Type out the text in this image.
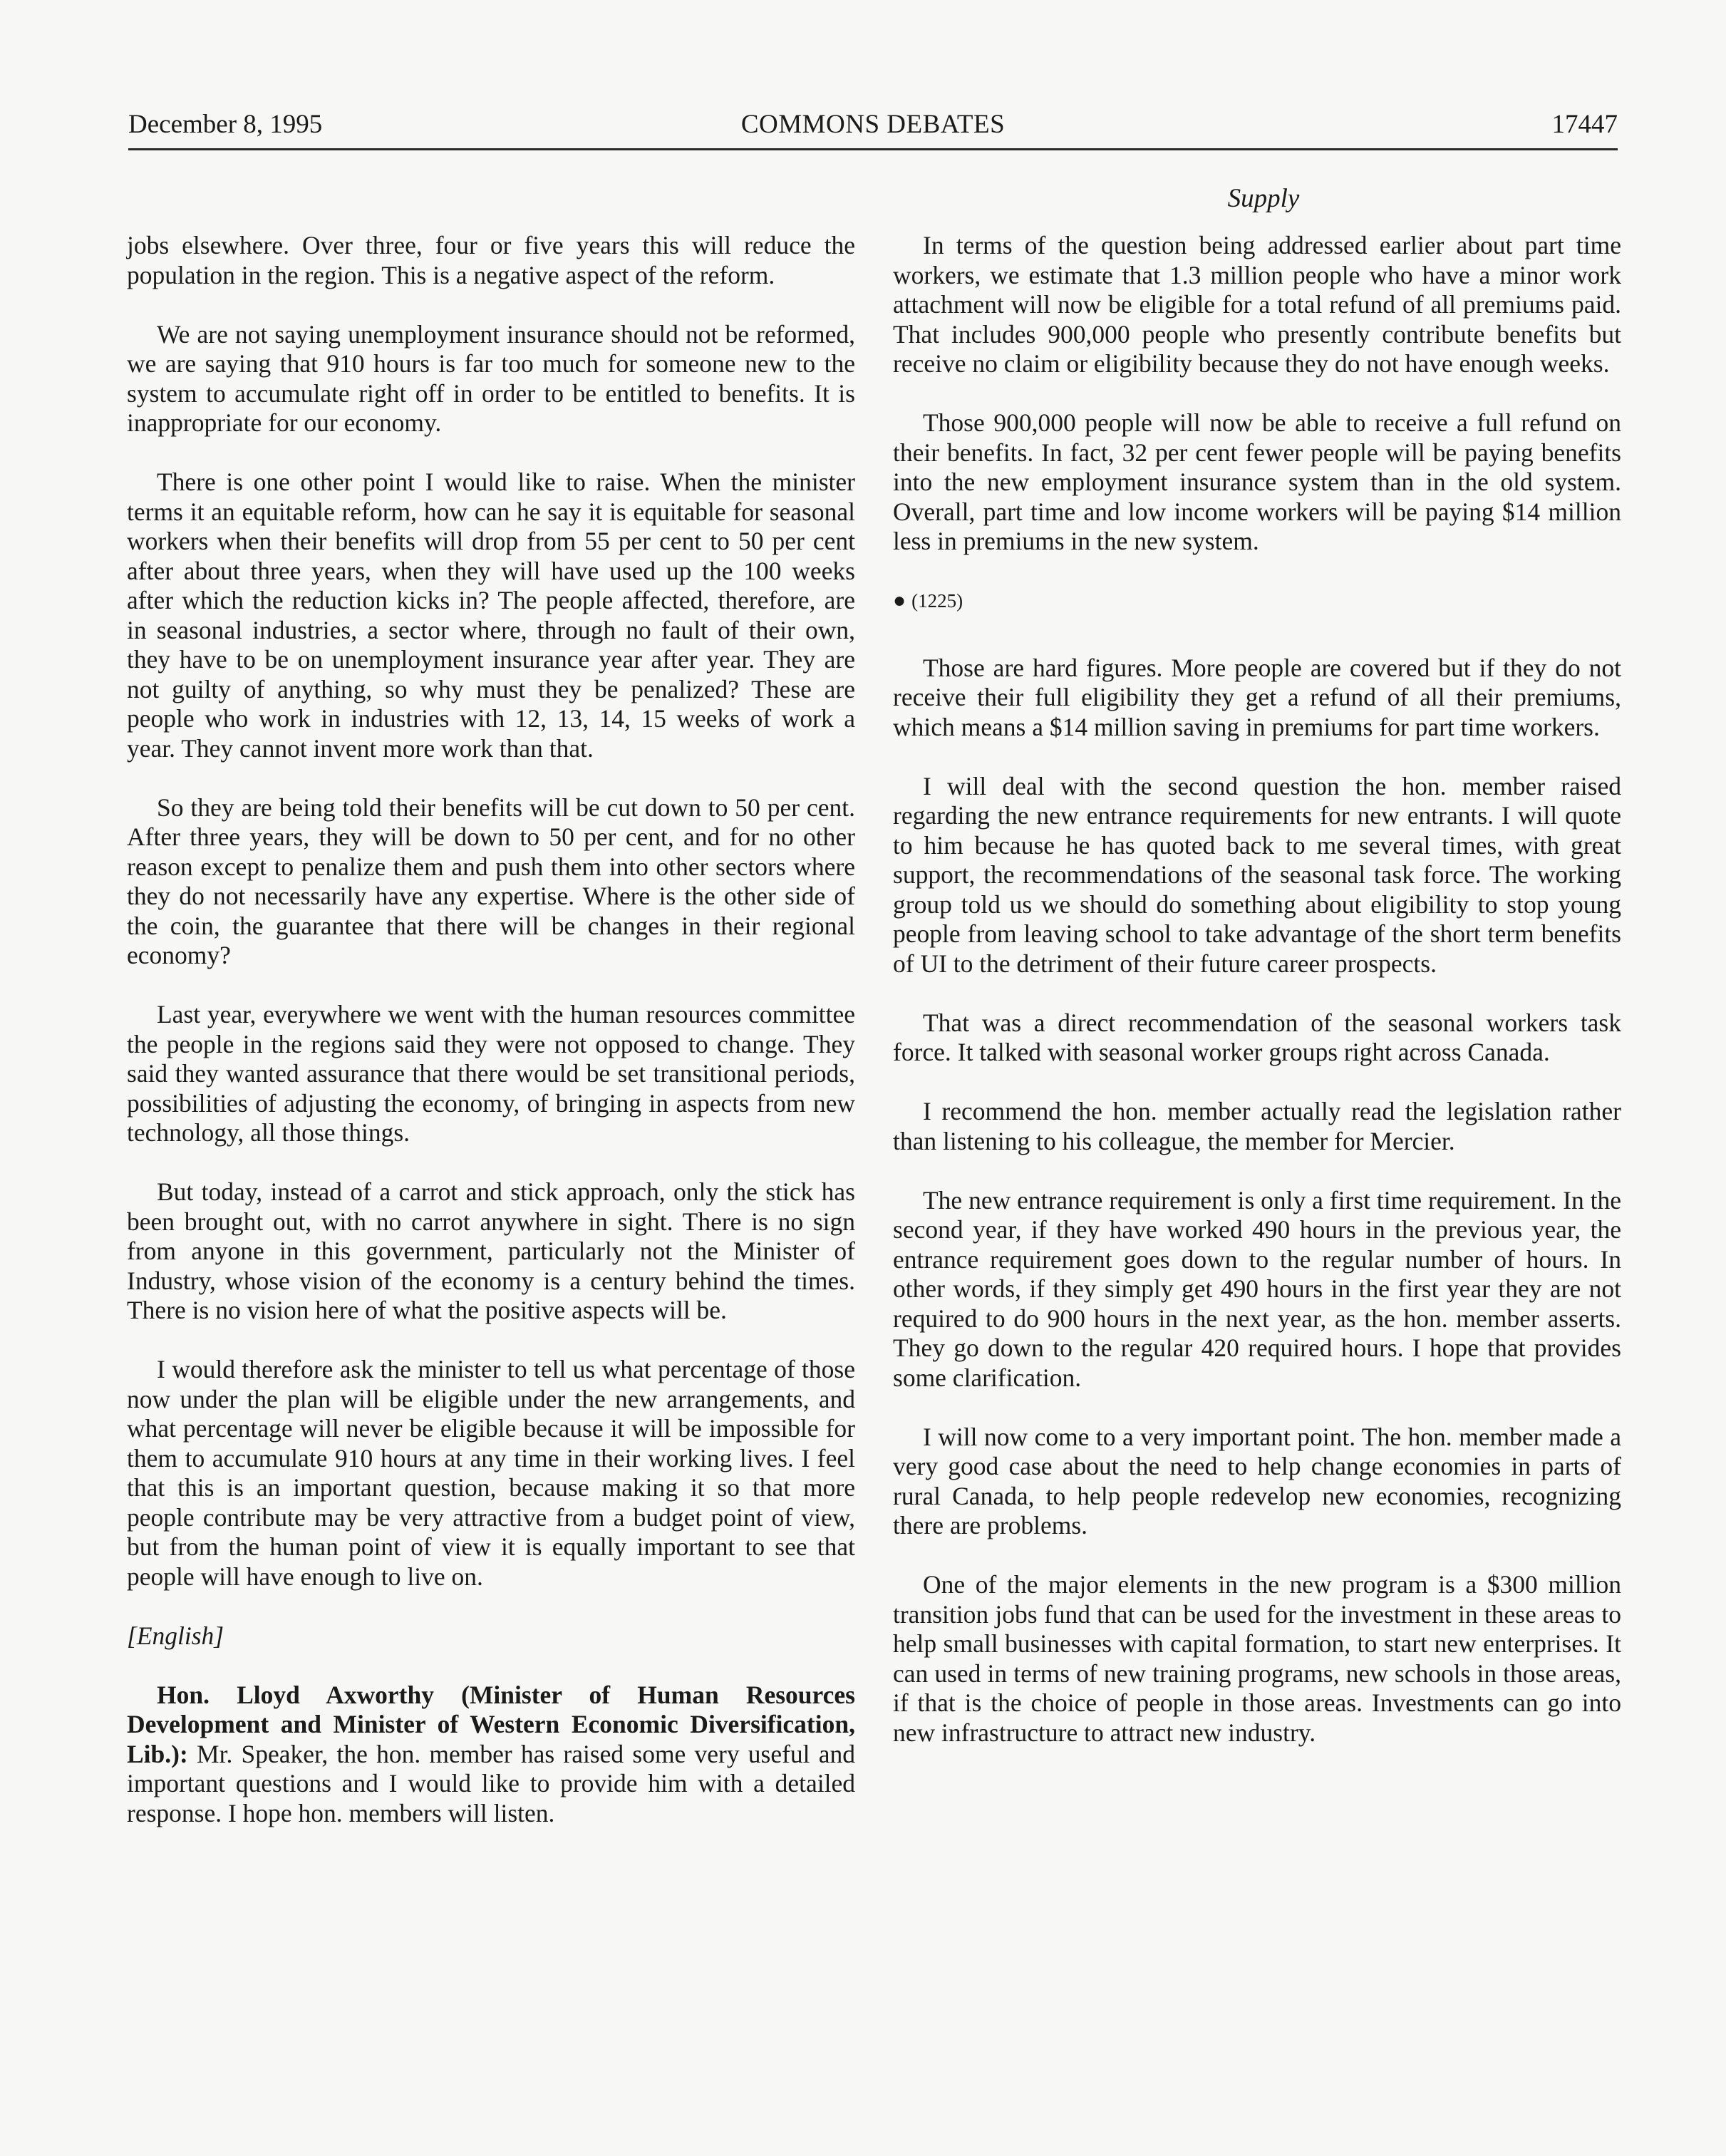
December 8, 1995	COMMONS DEBATES	17447
Supply

jobs elsewhere. Over three, four or five years this will reduce the population in the region. This is a negative aspect of the reform.

We are not saying unemployment insurance should not be reformed, we are saying that 910 hours is far too much for someone new to the system to accumulate right off in order to be entitled to benefits. It is inappropriate for our economy.

There is one other point I would like to raise. When the minister terms it an equitable reform, how can he say it is equitable for seasonal workers when their benefits will drop from 55 per cent to 50 per cent after about three years, when they will have used up the 100 weeks after which the reduction kicks in? The people affected, therefore, are in seasonal industries, a sector where, through no fault of their own, they have to be on unemployment insurance year after year. They are not guilty of anything, so why must they be penalized? These are people who work in industries with 12, 13, 14, 15 weeks of work a year. They cannot invent more work than that.

So they are being told their benefits will be cut down to 50 per cent. After three years, they will be down to 50 per cent, and for no other reason except to penalize them and push them into other sectors where they do not necessarily have any expertise. Where is the other side of the coin, the guarantee that there will be changes in their regional economy?

Last year, everywhere we went with the human resources committee the people in the regions said they were not opposed to change. They said they wanted assurance that there would be set transitional periods, possibilities of adjusting the economy, of bringing in aspects from new technology, all those things.

But today, instead of a carrot and stick approach, only the stick has been brought out, with no carrot anywhere in sight. There is no sign from anyone in this government, particularly not the Minister of Industry, whose vision of the economy is a century behind the times. There is no vision here of what the positive aspects will be.

I would therefore ask the minister to tell us what percentage of those now under the plan will be eligible under the new arrangements, and what percentage will never be eligible because it will be impossible for them to accumulate 910 hours at any time in their working lives. I feel that this is an important question, because making it so that more people contribute may be very attractive from a budget point of view, but from the human point of view it is equally important to see that people will have enough to live on.

[English]

Hon. Lloyd Axworthy (Minister of Human Resources Development and Minister of Western Economic Diversification, Lib.): Mr. Speaker, the hon. member has raised some very useful and important questions and I would like to provide him with a detailed response. I hope hon. members will listen.

In terms of the question being addressed earlier about part time workers, we estimate that 1.3 million people who have a minor work attachment will now be eligible for a total refund of all premiums paid. That includes 900,000 people who presently contribute benefits but receive no claim or eligibility because they do not have enough weeks.

Those 900,000 people will now be able to receive a full refund on their benefits. In fact, 32 per cent fewer people will be paying benefits into the new employment insurance system than in the old system. Overall, part time and low income workers will be paying $14 million less in premiums in the new system.

● (1225)

Those are hard figures. More people are covered but if they do not receive their full eligibility they get a refund of all their premiums, which means a $14 million saving in premiums for part time workers.

I will deal with the second question the hon. member raised regarding the new entrance requirements for new entrants. I will quote to him because he has quoted back to me several times, with great support, the recommendations of the seasonal task force. The working group told us we should do something about eligibility to stop young people from leaving school to take advantage of the short term benefits of UI to the detriment of their future career prospects.

That was a direct recommendation of the seasonal workers task force. It talked with seasonal worker groups right across Canada.

I recommend the hon. member actually read the legislation rather than listening to his colleague, the member for Mercier.

The new entrance requirement is only a first time requirement. In the second year, if they have worked 490 hours in the previous year, the entrance requirement goes down to the regular number of hours. In other words, if they simply get 490 hours in the first year they are not required to do 900 hours in the next year, as the hon. member asserts. They go down to the regular 420 required hours. I hope that provides some clarification.

I will now come to a very important point. The hon. member made a very good case about the need to help change economies in parts of rural Canada, to help people redevelop new economies, recognizing there are problems.

One of the major elements in the new program is a $300 million transition jobs fund that can be used for the investment in these areas to help small businesses with capital formation, to start new enterprises. It can used in terms of new training programs, new schools in those areas, if that is the choice of people in those areas. Investments can go into new infrastructure to attract new industry.
